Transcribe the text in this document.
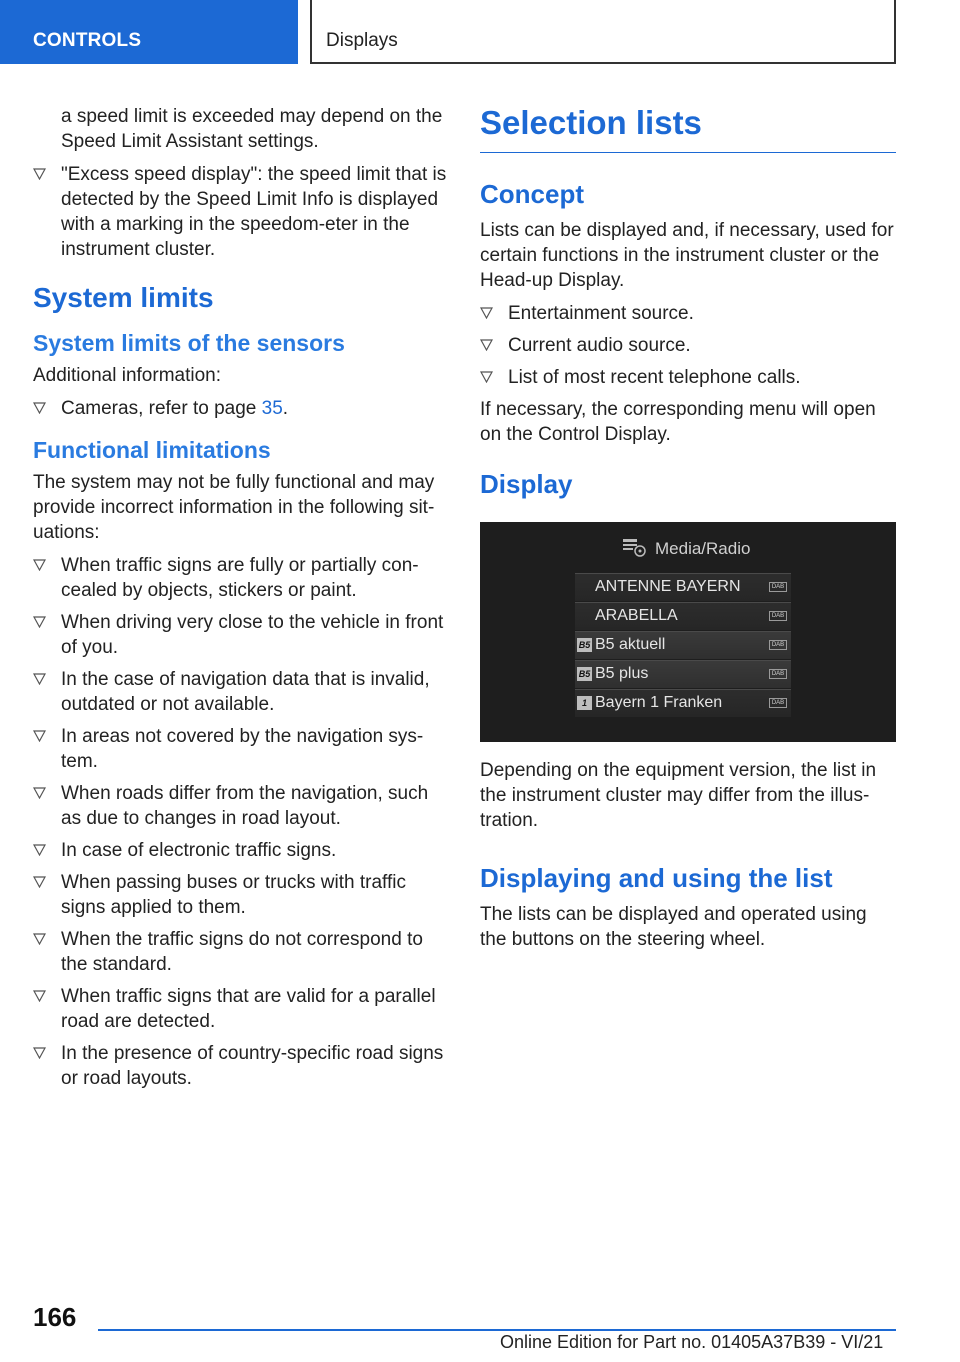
CONTROLS	Displays

a speed limit is exceeded may depend on the Speed Limit Assistant settings.

"Excess speed display": the speed limit that is detected by the Speed Limit Info is displayed with a marking in the speedom‐eter in the instrument cluster.
System limits
System limits of the sensors

Additional information:

Cameras, refer to page 35.
Functional limitations

The system may not be fully functional and may provide incorrect information in the following sit‐uations:

When traffic signs are fully or partially con‐cealed by objects, stickers or paint.
When driving very close to the vehicle in front of you.
In the case of navigation data that is invalid, outdated or not available.
In areas not covered by the navigation sys‐tem.
When roads differ from the navigation, such as due to changes in road layout.
In case of electronic traffic signs.
When passing buses or trucks with traffic signs applied to them.
When the traffic signs do not correspond to the standard.
When traffic signs that are valid for a parallel road are detected.
In the presence of country-specific road signs or road layouts.
Selection lists
Concept

Lists can be displayed and, if necessary, used for certain functions in the instrument cluster or the Head-up Display.

Entertainment source.
Current audio source.
List of most recent telephone calls.

If necessary, the corresponding menu will open on the Control Display.

Display
Media/Radio
ANTENNE BAYERN	DAB
ARABELLA	DAB
B5 B5 aktuell	DAB
B5 B5 plus	DAB
1 Bayern 1 Franken	DAB

Depending on the equipment version, the list in the instrument cluster may differ from the illus‐tration.

Displaying and using the list

The lists can be displayed and operated using the buttons on the steering wheel.

166
Online Edition for Part no. 01405A37B39 - VI/21
